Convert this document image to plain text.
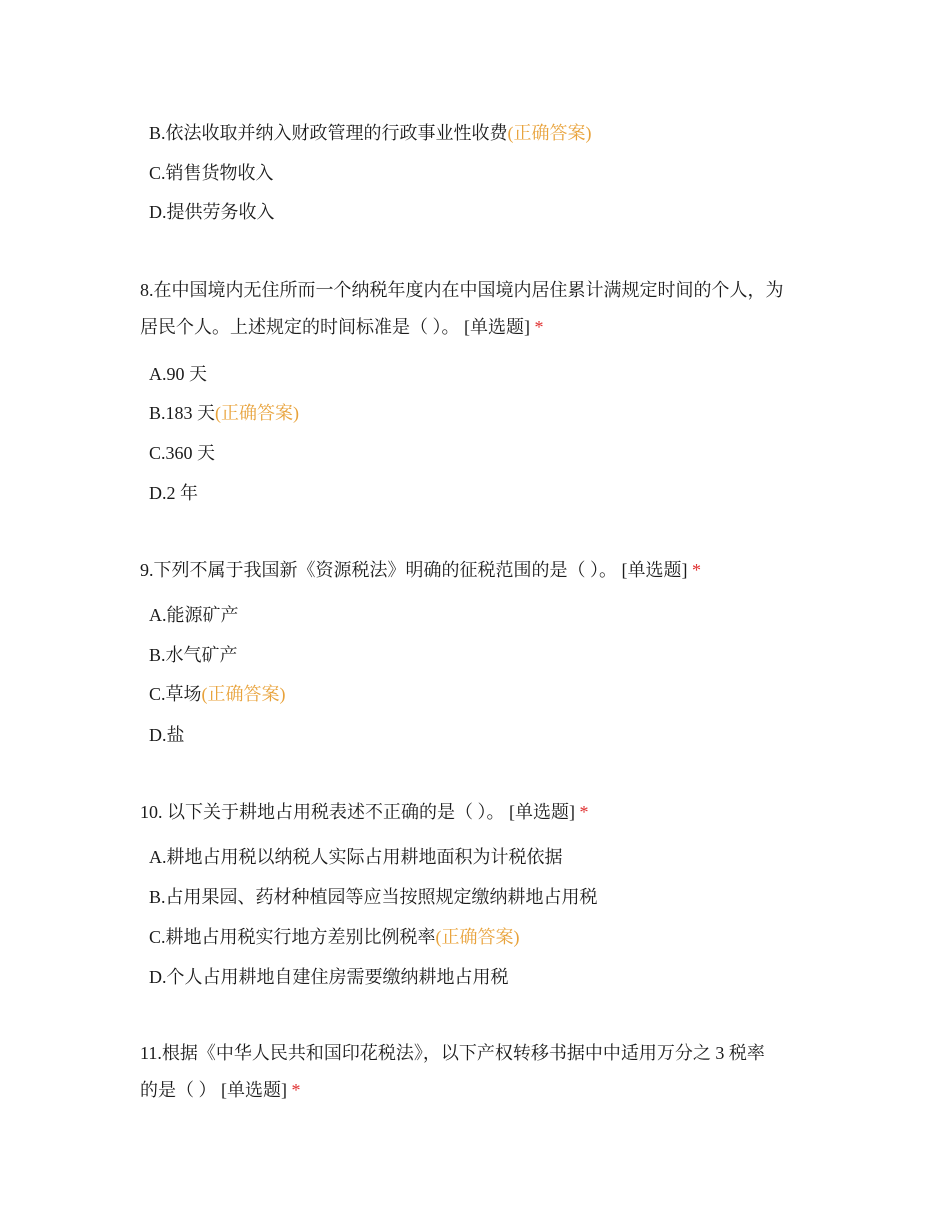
B.依法收取并纳入财政管理的行政事业性收费(正确答案)
C.销售货物收入
D.提供劳务收入
8.在中国境内无住所而一个纳税年度内在中国境内居住累计满规定时间的个人，为
居民个人。上述规定的时间标准是（ ）。 [单选题] *
A.90 天
B.183 天(正确答案)
C.360 天
D.2 年
9.下列不属于我国新《资源税法》明确的征税范围的是（ ）。 [单选题] *
A.能源矿产
B.水气矿产
C.草场(正确答案)
D.盐
10. 以下关于耕地占用税表述不正确的是（ ）。 [单选题] *
A.耕地占用税以纳税人实际占用耕地面积为计税依据
B.占用果园、药材种植园等应当按照规定缴纳耕地占用税
C.耕地占用税实行地方差别比例税率(正确答案)
D.个人占用耕地自建住房需要缴纳耕地占用税
11.根据《中华人民共和国印花税法》，以下产权转移书据中中适用万分之 3 税率
的是（ ） [单选题] *
